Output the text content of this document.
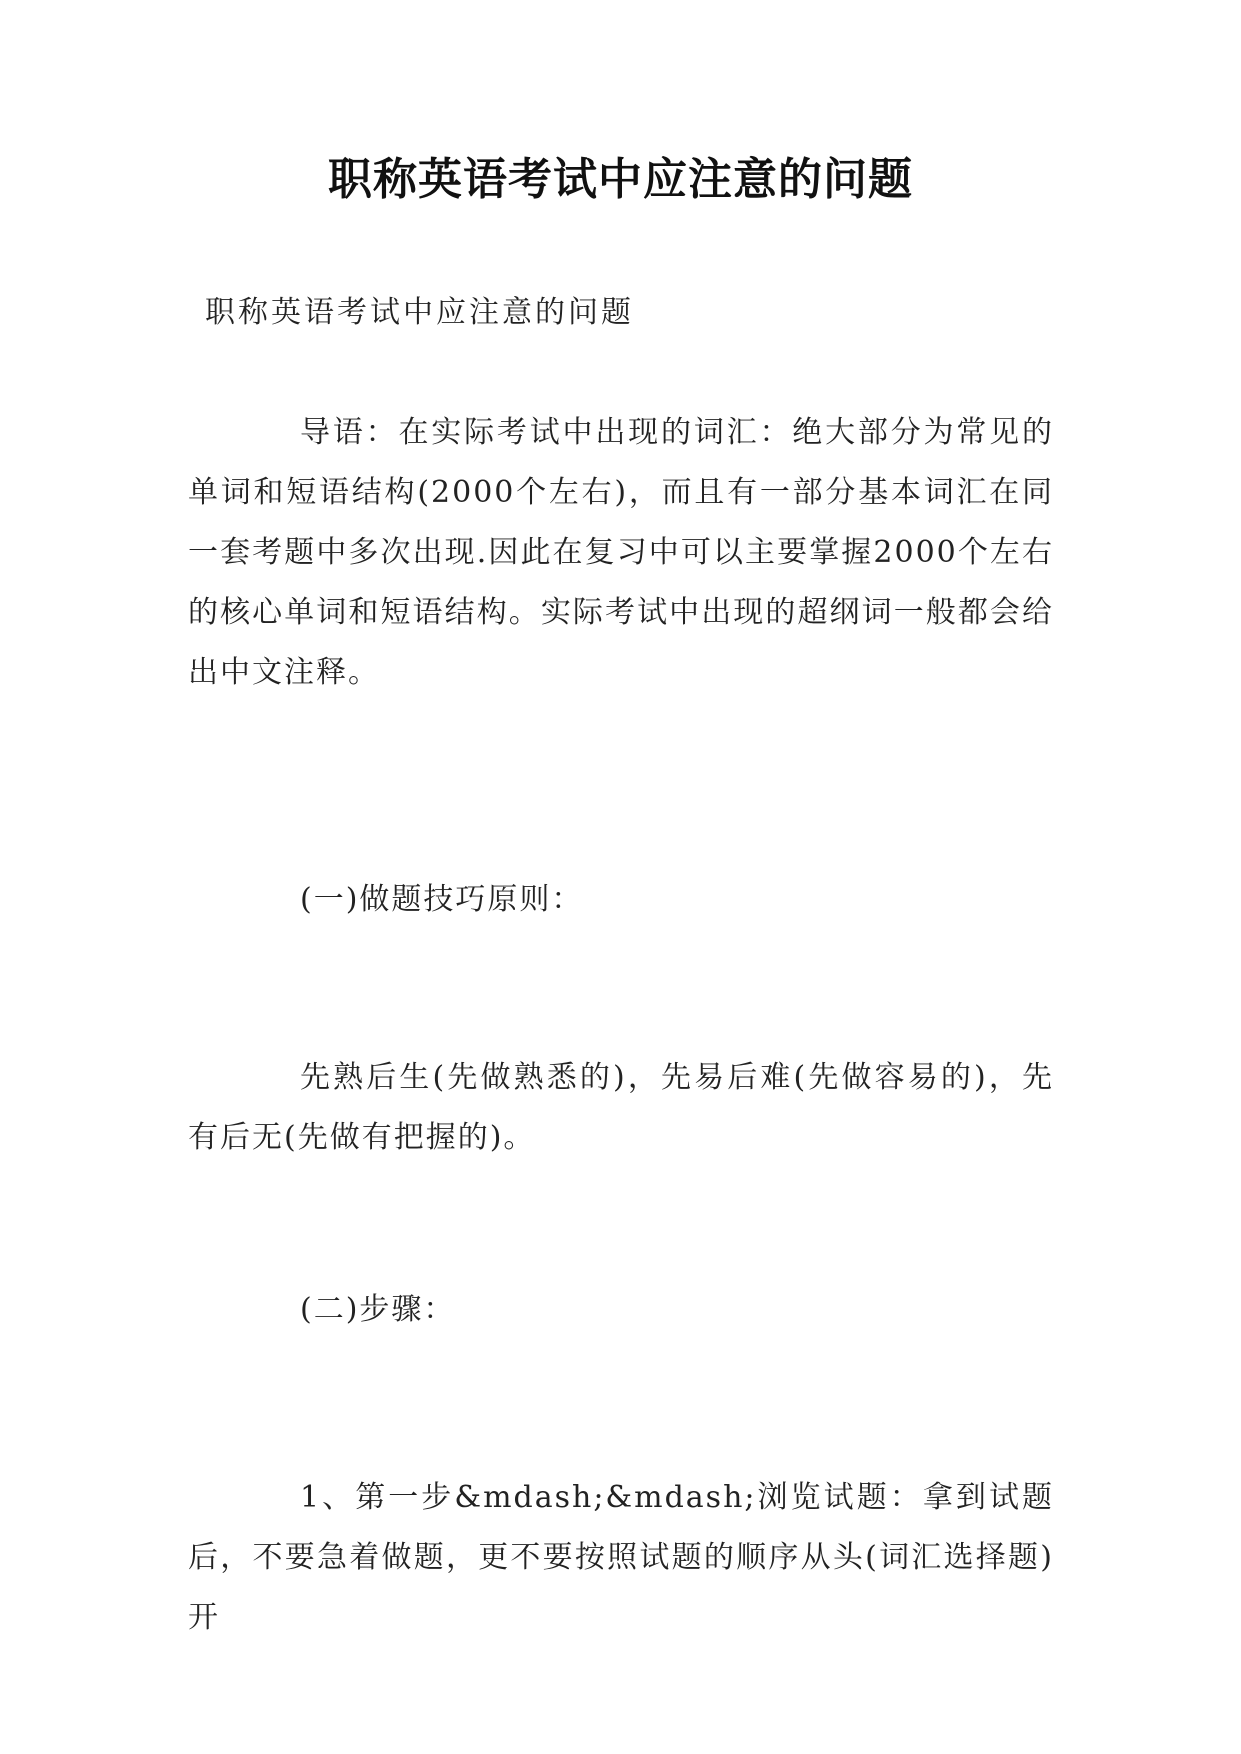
职称英语考试中应注意的问题

职称英语考试中应注意的问题

导语：在实际考试中出现的词汇：绝大部分为常见的单词和短语结构(2000个左右)，而且有一部分基本词汇在同一套考题中多次出现.因此在复习中可以主要掌握2000个左右的核心单词和短语结构。实际考试中出现的超纲词一般都会给出中文注释。

(一)做题技巧原则：

先熟后生(先做熟悉的)，先易后难(先做容易的)，先有后无(先做有把握的)。

(二)步骤：

1、第一步&mdash;&mdash;浏览试题：拿到试题后，不要急着做题，更不要按照试题的顺序从头(词汇选择题)开
